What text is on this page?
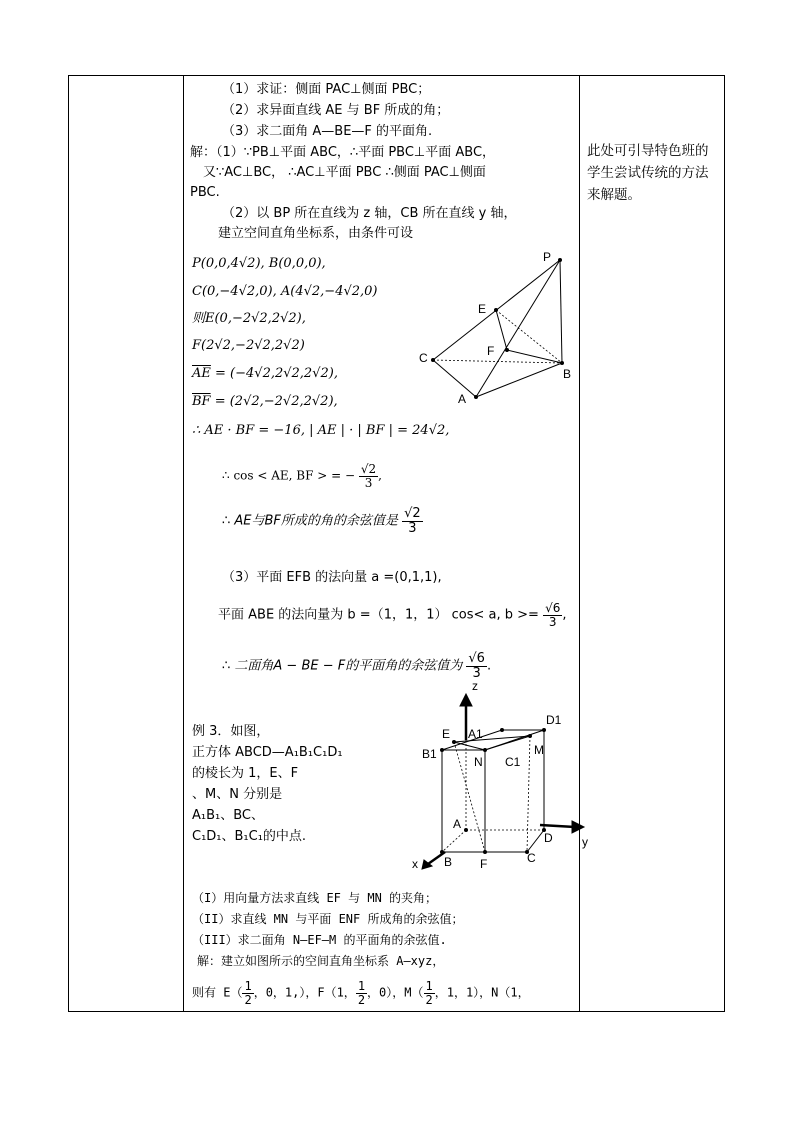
此处可引导特色班的学生尝试传统的方法来解题。
（1）求证：侧面 PAC⊥侧面 PBC；
（2）求异面直线 AE 与 BF 所成的角；
（3）求二面角 A—BE—F 的平面角.
解：（1）∵PB⊥平面 ABC，∴平面 PBC⊥平面 ABC，
又∵AC⊥BC， ∴AC⊥平面 PBC ∴侧面 PAC⊥侧面
PBC.
（2）以 BP 所在直线为 z 轴，CB 所在直线 y 轴，
建立空间直角坐标系，由条件可设
P(0,0,4√2), B(0,0,0),
C(0,−4√2,0), A(4√2,−4√2,0)
则E(0,−2√2,2√2),
F(2√2,−2√2,2√2)
$\overline{AE} = (-4√2,2√2,2√2)$,
$\overline{BF} = (2√2,-2√2,2√2)$,
∴ AE · BF = −16, | AE | · | BF | = 24√2,
∴ cos < AE, BF > = − $\frac{√2}{3}$ ,
∴ AE与BF所成的角的余弦值是 $\frac{√2}{3}$
（3）平面 EFB 的法向量 a =(0,1,1),
平面 ABE 的法向量为 b =（1，1，1） cos< a, $b >= \frac{√6}{3}$ ,
∴ 二面角A − BE − F的平面角的余弦值为 $\frac{√6}{3}$ .
P
E
F
C
B
A
例 3．如图，
正方体 ABCD—A₁B₁C₁D₁
的棱长为 1，E、F
、M、N 分别是
A₁B₁、BC、
C₁D₁、B₁C₁的中点.
z
D1
E A1
M
B1
N C1
A
D y
x B F	C
（I）用向量方法求直线 EF 与 MN 的夹角；
（II）求直线 MN 与平面 ENF 所成角的余弦值；
（III）求二面角 N—EF—M 的平面角的余弦值.
解：建立如图所示的空间直角坐标系 A—xyz，
则有 $E( \frac{1}{2}$ ，0，1,），F（1， $\frac{1}{2}$ ，0），$M( \frac{1}{2}$ ，1，1），N（1，
